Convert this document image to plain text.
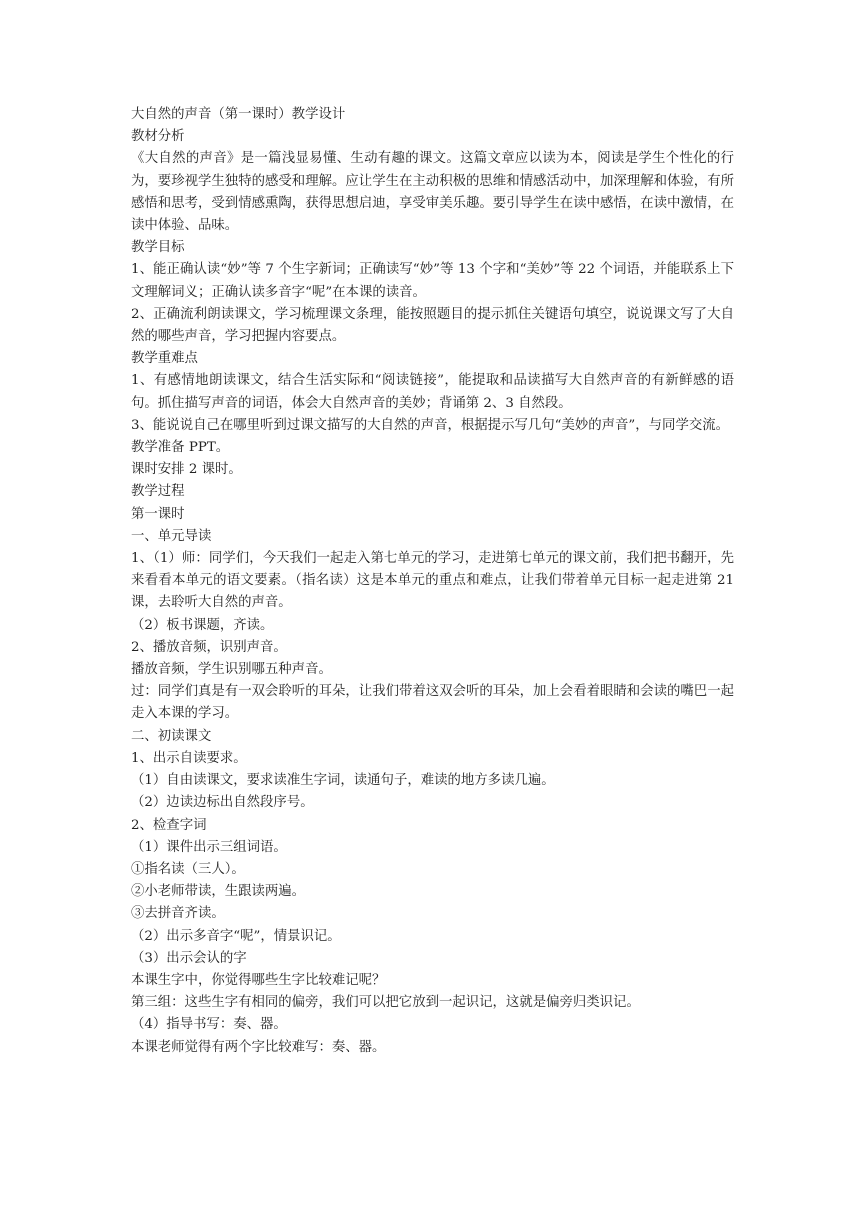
大自然的声音（第一课时）教学设计
教材分析
《大自然的声音》是一篇浅显易懂、生动有趣的课文。这篇文章应以读为本，阅读是学生个性化的行为，要珍视学生独特的感受和理解。应让学生在主动积极的思维和情感活动中，加深理解和体验，有所感悟和思考，受到情感熏陶，获得思想启迪，享受审美乐趣。要引导学生在读中感悟，在读中激情，在读中体验、品味。
教学目标
1、能正确认读“妙”等 7 个生字新词；正确读写“妙”等 13 个字和“美妙”等 22 个词语，并能联系上下文理解词义；正确认读多音字“呢”在本课的读音。
2、正确流利朗读课文，学习梳理课文条理，能按照题目的提示抓住关键语句填空，说说课文写了大自然的哪些声音，学习把握内容要点。
教学重难点
1、有感情地朗读课文，结合生活实际和“阅读链接”，能提取和品读描写大自然声音的有新鲜感的语句。抓住描写声音的词语，体会大自然声音的美妙；背诵第 2、3 自然段。
3、能说说自己在哪里听到过课文描写的大自然的声音，根据提示写几句“美妙的声音”，与同学交流。
教学准备 PPT。
课时安排 2 课时。
教学过程
第一课时
一、单元导读
1、（1）师：同学们，今天我们一起走入第七单元的学习，走进第七单元的课文前，我们把书翻开，先来看看本单元的语文要素。（指名读）这是本单元的重点和难点，让我们带着单元目标一起走进第 21 课，去聆听大自然的声音。
（2）板书课题，齐读。
2、播放音频，识别声音。
播放音频，学生识别哪五种声音。
过：同学们真是有一双会聆听的耳朵，让我们带着这双会听的耳朵，加上会看着眼睛和会读的嘴巴一起走入本课的学习。
二、初读课文
1、出示自读要求。
（1）自由读课文，要求读准生字词，读通句子，难读的地方多读几遍。
（2）边读边标出自然段序号。
2、检查字词
（1）课件出示三组词语。
①指名读（三人）。
②小老师带读，生跟读两遍。
③去拼音齐读。
（2）出示多音字“呢”，情景识记。
（3）出示会认的字
本课生字中，你觉得哪些生字比较难记呢？
第三组：这些生字有相同的偏旁，我们可以把它放到一起识记，这就是偏旁归类识记。
（4）指导书写：奏、器。
本课老师觉得有两个字比较难写：奏、器。
